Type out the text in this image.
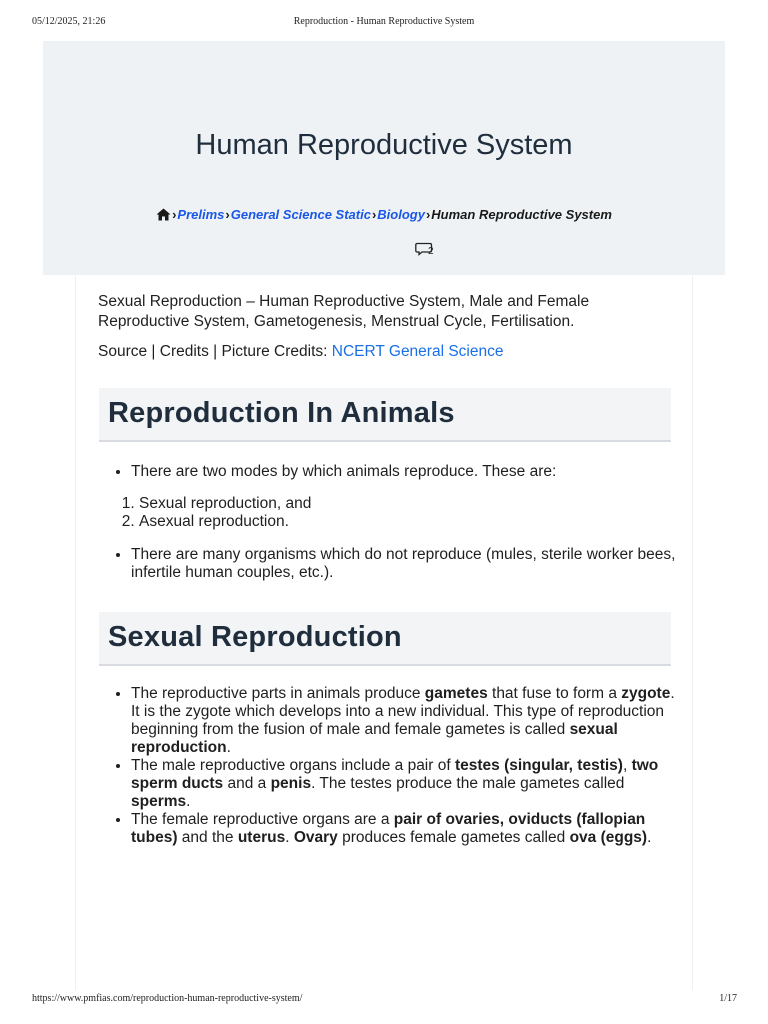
05/12/2025, 21:26	Reproduction - Human Reproductive System
Human Reproductive System
›Prelims›General Science Static›Biology›Human Reproductive System
2

Sexual Reproduction – Human Reproductive System, Male and Female Reproductive System, Gametogenesis, Menstrual Cycle, Fertilisation.

Source | Credits | Picture Credits: NCERT General Science

Reproduction In Animals
• There are two modes by which animals reproduce. These are:
1. Sexual reproduction, and
2. Asexual reproduction.
• There are many organisms which do not reproduce (mules, sterile worker bees, infertile human couples, etc.).
Sexual Reproduction
• The reproductive parts in animals produce gametes that fuse to form a zygote. It is the zygote which develops into a new individual. This type of reproduction beginning from the fusion of male and female gametes is called sexual reproduction.
• The male reproductive organs include a pair of testes (singular, testis), two sperm ducts and a penis. The testes produce the male gametes called sperms.
• The female reproductive organs are a pair of ovaries, oviducts (fallopian tubes) and the uterus. Ovary produces female gametes called ova (eggs).
https://www.pmfias.com/reproduction-human-reproductive-system/	1/17
